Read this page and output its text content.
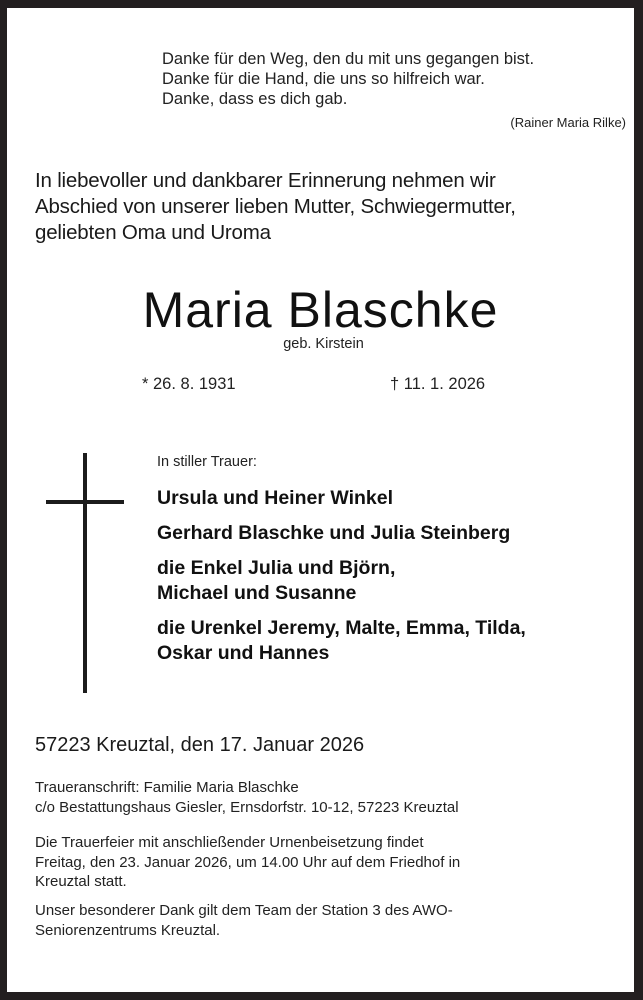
Danke für den Weg, den du mit uns gegangen bist.
Danke für die Hand, die uns so hilfreich war.
Danke, dass es dich gab.
(Rainer Maria Rilke)
In liebevoller und dankbarer Erinnerung nehmen wir
Abschied von unserer lieben Mutter, Schwiegermutter,
geliebten Oma und Uroma
Maria Blaschke
geb. Kirstein
* 26. 8. 1931	† 11. 1. 2026
In stiller Trauer:
Ursula und Heiner Winkel
Gerhard Blaschke und Julia Steinberg
die Enkel Julia und Björn,
Michael und Susanne
die Urenkel Jeremy, Malte, Emma, Tilda,
Oskar und Hannes
57223 Kreuztal, den 17. Januar 2026
Traueranschrift: Familie Maria Blaschke
c/o Bestattungshaus Giesler, Ernsdorfstr. 10-12, 57223 Kreuztal
Die Trauerfeier mit anschließender Urnenbeisetzung findet
Freitag, den 23. Januar 2026, um 14.00 Uhr auf dem Friedhof in
Kreuztal statt.
Unser besonderer Dank gilt dem Team der Station 3 des AWO-
Seniorenzentrums Kreuztal.
